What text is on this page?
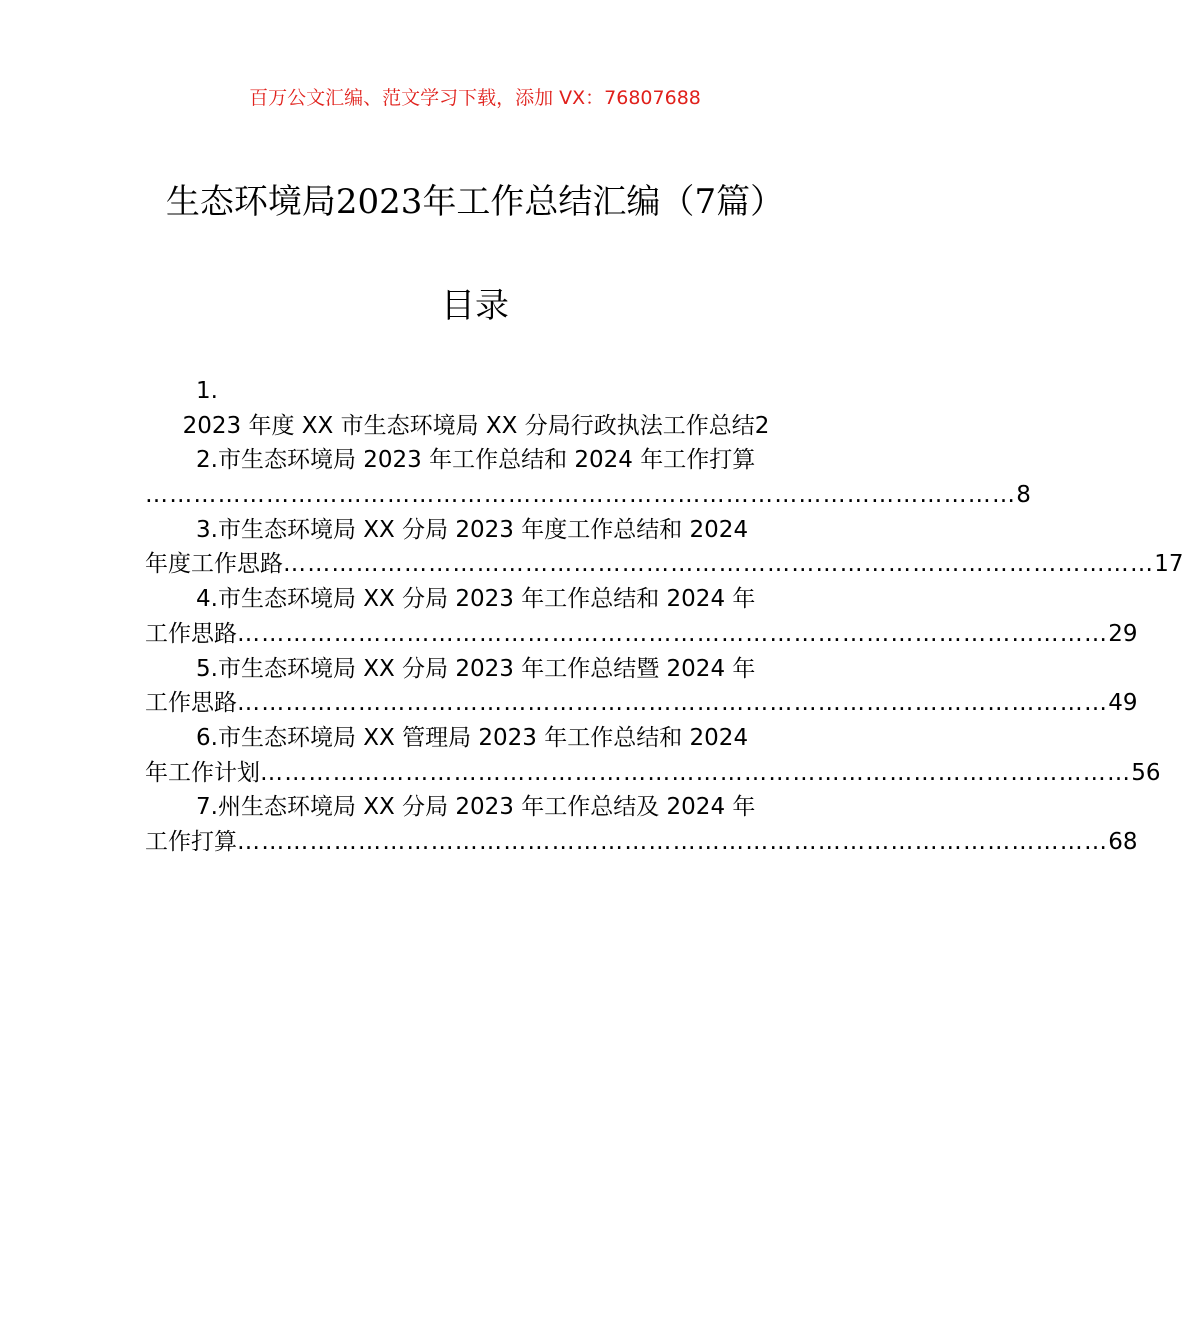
百万公文汇编、范文学习下载，添加 VX：76807688
生态环境局2023年工作总结汇编（7篇）
目录
1.
2023 年度 XX 市生态环境局 XX 分局行政执法工作总结2
2.市生态环境局 2023 年工作总结和 2024 年工作打算
……………………………………………………………………………………………… 8
3.市生态环境局 XX 分局 2023 年度工作总结和 2024
年度工作思路 ……………………………………………………………………………………………… 17
4.市生态环境局 XX 分局 2023 年工作总结和 2024 年
工作思路 ……………………………………………………………………………………………… 29
5.市生态环境局 XX 分局 2023 年工作总结暨 2024 年
工作思路 ……………………………………………………………………………………………… 49
6.市生态环境局 XX 管理局 2023 年工作总结和 2024
年工作计划 ……………………………………………………………………………………………… 56
7.州生态环境局 XX 分局 2023 年工作总结及 2024 年
工作打算 ……………………………………………………………………………………………… 68
